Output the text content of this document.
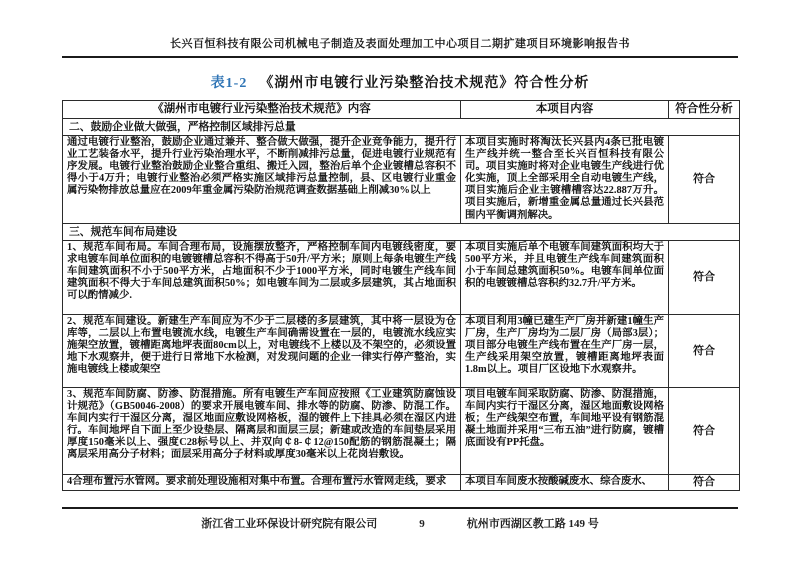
长兴百恒科技有限公司机械电子制造及表面处理加工中心项目二期扩建项目环境影响报告书
表1-2 《湖州市电镀行业污染整治技术规范》符合性分析
《湖州市电镀行业污染整治技术规范》内容	本项目内容	符合性分析
二、鼓励企业做大做强，严格控制区域排污总量		
通过电镀行业整治，鼓励企业通过兼并、整合做大做强，提升企业竞争能力，提升行业工艺装备水平，提升行业污染治理水平，不断削减排污总量，促进电镀行业规范有序发展。电镀行业整治鼓励企业整合重组、搬迁入园，整治后单个企业镀槽总容积不得小于4万升；电镀行业整治必须严格实施区域排污总量控制，县、区电镀行业重金属污染物排放总量应在2009年重金属污染防治规范调查数据基础上削减30%以上	本项目实施时将淘汰长兴县内4条已批电镀生产线并统一整合至长兴百恒科技有限公司。项目实施时将对企业电镀生产线进行优化实施，顶上全部采用全自动电镀生产线，项目实施后企业主镀槽槽容达22.887万升。项目实施后，新增重金属总量通过长兴县范围内平衡调剂解决。	符合
三、规范车间布局建设		
1、规范车间布局。车间合理布局，设施摆放整齐，严格控制车间内电镀线密度，要求电镀车间单位面积的电镀镀槽总容积不得高于50升/平方米；原则上每条电镀生产线车间建筑面积不小于500平方米，占地面积不少于1000平方米，同时电镀生产线车间建筑面积不得大于车间总建筑面积50%；如电镀车间为二层或多层建筑，其占地面积可以酌情减少.	本项目实施后单个电镀车间建筑面积均大于500平方米，并且电镀生产线车间建筑面积小于车间总建筑面积50%。电镀车间单位面积的电镀镀槽总容积约32.7升/平方米。	符合
2、规范车间建设。新建生产车间应为不少于二层楼的多层建筑，其中将一层设为仓库等，二层以上布置电镀流水线，电镀生产车间确需设置在一层的，电镀流水线应实施架空放置，镀槽距离地坪表面80cm以上，对电镀线不上楼以及不架空的，必须设置地下水观察井，便于进行日常地下水检测，对发现问题的企业一律实行停产整治，实施电镀线上楼或架空	本项目利用3幢已建生产厂房并新建1幢生产厂房，生产厂房均为二层厂房（局部3层）；项目部分电镀生产线布置在生产厂房一层，生产线采用架空放置，镀槽距离地坪表面1.8m以上。项目厂区设地下水观察井。	符合
3、规范车间防腐、防渗、防混措施。所有电镀生产车间应按照《工业建筑防腐蚀设计规范》（GB50046-2008）的要求开展电镀车间、排水等的防腐、防渗、防混工作。车间内实行干湿区分离，湿区地面应敷设网格板，湿的镀件上下挂具必须在湿区内进行。车间地坪自下面上至少设垫层、隔离层和面层三层；新建或改造的车间垫层采用厚度150毫米以上、强度C28标号以上、并双向￠8-￠12@150配筋的钢筋混凝土；隔离层采用高分子材料；面层采用高分子材料或厚度30毫米以上花岗岩敷设。	项目电镀车间采取防腐、防渗、防混措施，车间内实行干湿区分离，湿区地面敷设网格板；生产线架空布置，车间地平设有钢筋混凝土地面并采用“三布五油”进行防腐，镀槽底面设有PP托盘。	符合
4合理布置污水管网。要求前处理设施相对集中布置。合理布置污水管网走线，要求	本项目车间废水按酸碱废水、综合废水、	符合
浙江省工业环保设计研究院有限公司	9	杭州市西湖区教工路 149 号
